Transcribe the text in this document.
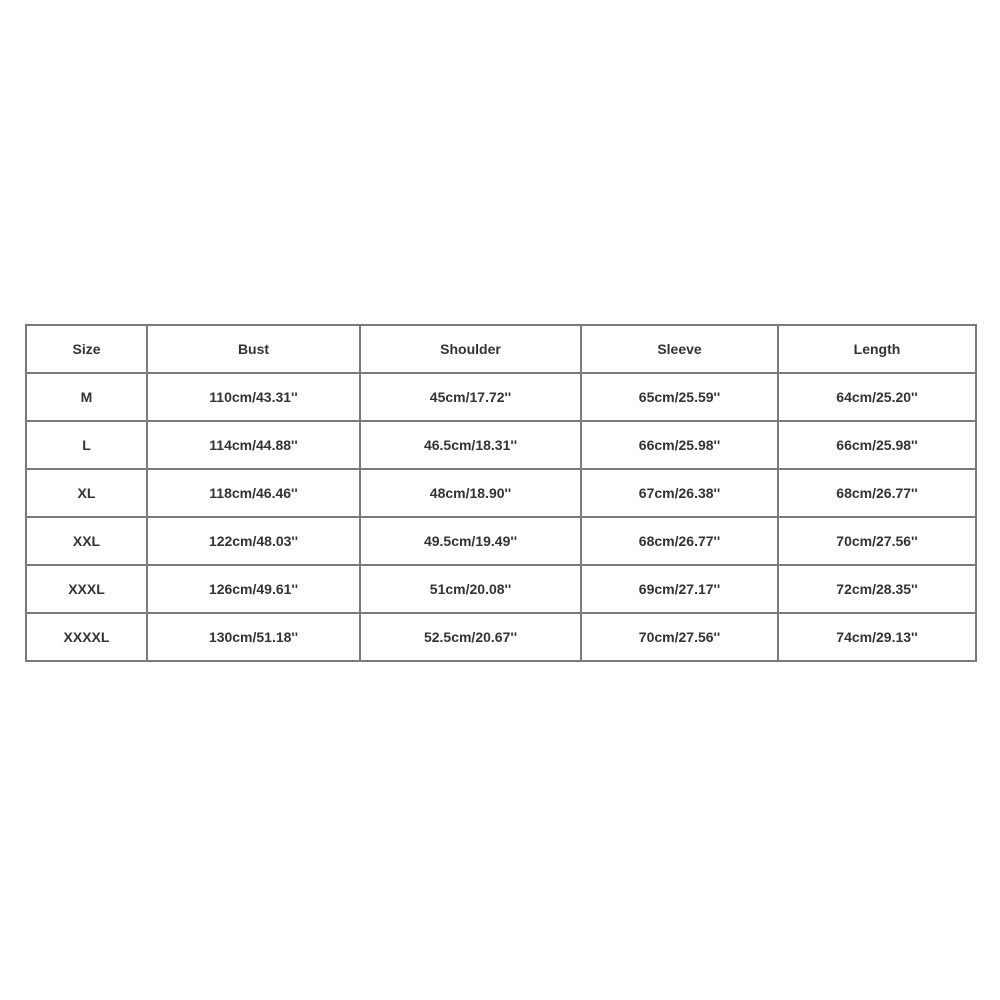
Size	Bust	Shoulder	Sleeve	Length
M	110cm/43.31''	45cm/17.72''	65cm/25.59''	64cm/25.20''
L	114cm/44.88''	46.5cm/18.31''	66cm/25.98''	66cm/25.98''
XL	118cm/46.46''	48cm/18.90''	67cm/26.38''	68cm/26.77''
XXL	122cm/48.03''	49.5cm/19.49''	68cm/26.77''	70cm/27.56''
XXXL	126cm/49.61''	51cm/20.08''	69cm/27.17''	72cm/28.35''
XXXXL	130cm/51.18''	52.5cm/20.67''	70cm/27.56''	74cm/29.13''
